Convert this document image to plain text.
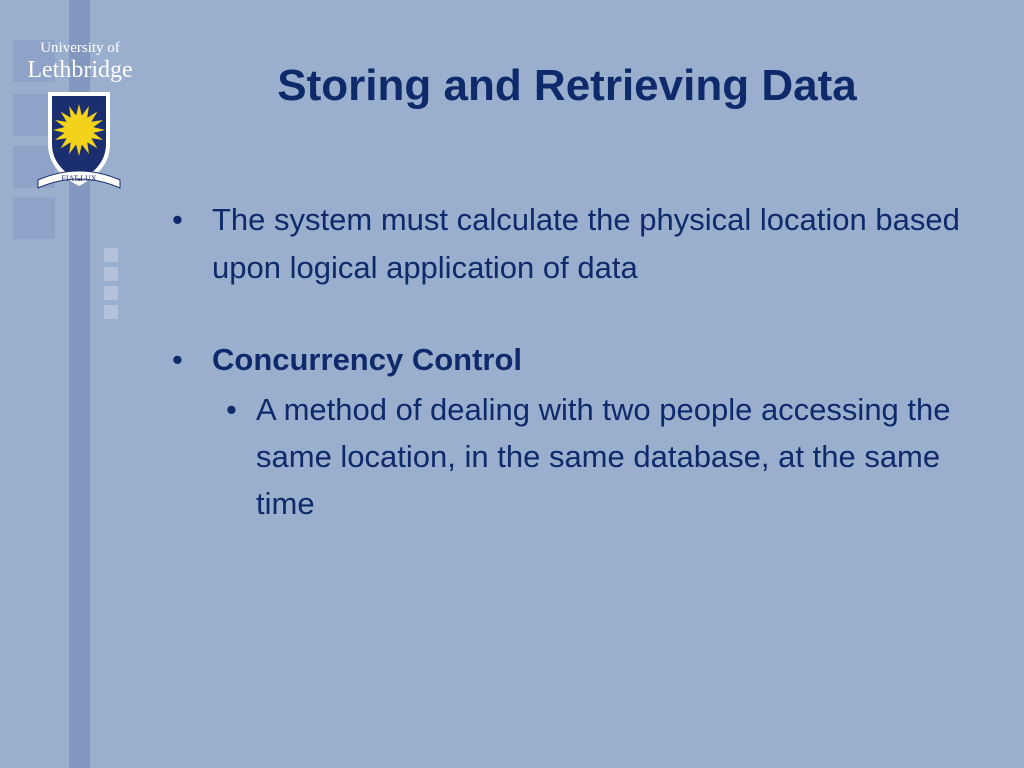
University of
Lethbridge
FIAT LUX
Storing and Retrieving Data
• The system must calculate the physical location based upon logical application of data
• Concurrency Control
• A method of dealing with two people accessing the same location, in the same database, at the same time
